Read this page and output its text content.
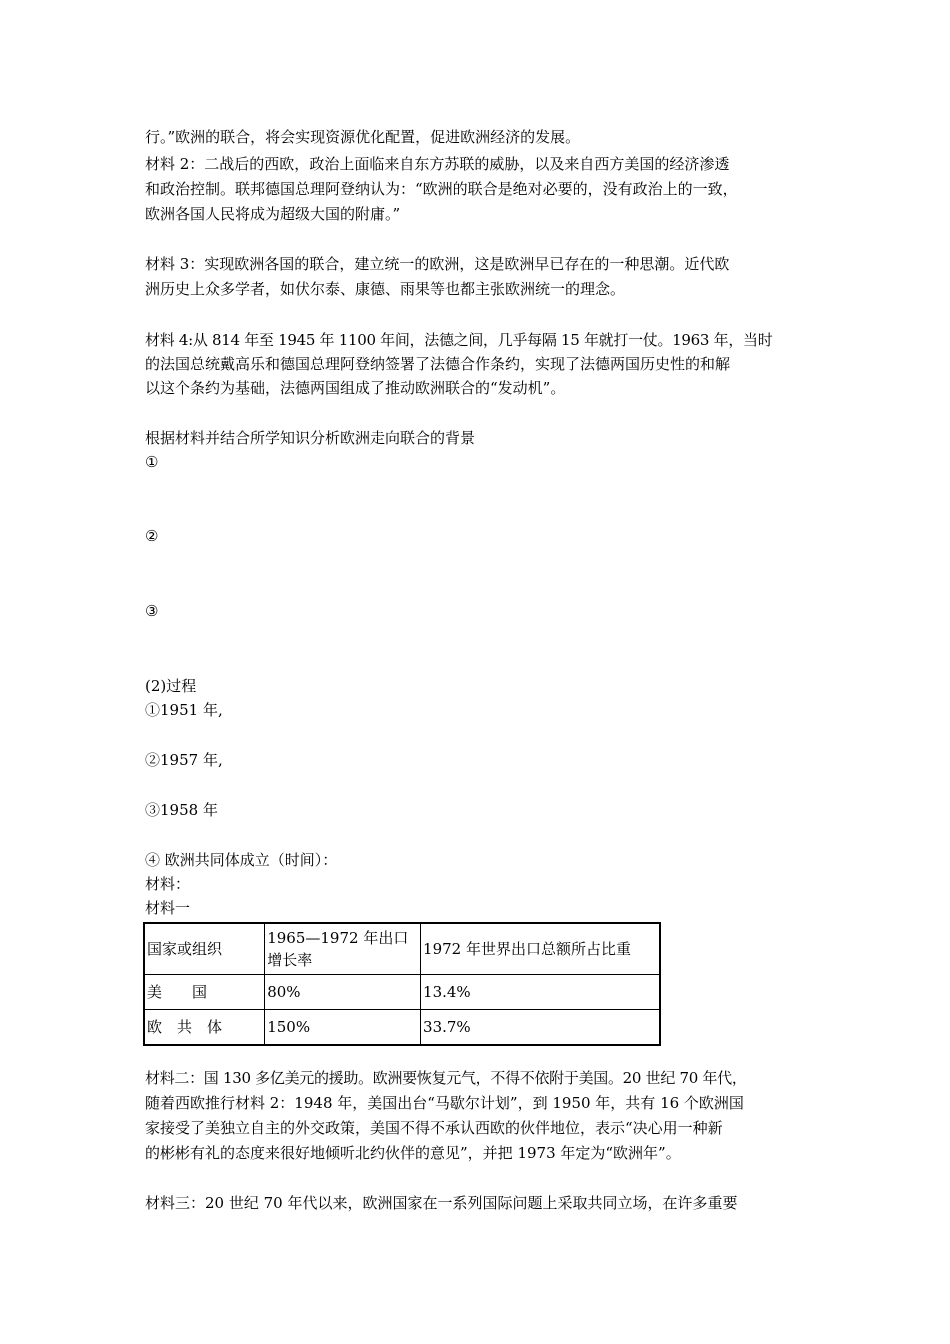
行。”欧洲的联合，将会实现资源优化配置，促进欧洲经济的发展。
材料 2：二战后的西欧，政治上面临来自东方苏联的威胁，以及来自西方美国的经济渗透
和政治控制。联邦德国总理阿登纳认为：“欧洲的联合是绝对必要的，没有政治上的一致，
欧洲各国人民将成为超级大国的附庸。”
材料 3：实现欧洲各国的联合，建立统一的欧洲，这是欧洲早已存在的一种思潮。近代欧
洲历史上众多学者，如伏尔泰、康德、雨果等也都主张欧洲统一的理念。
材料 4:从 814 年至 1945 年 1100 年间，法德之间，几乎每隔 15 年就打一仗。1963 年，当时
的法国总统戴高乐和德国总理阿登纳签署了法德合作条约，实现了法德两国历史性的和解
以这个条约为基础，法德两国组成了推动欧洲联合的“发动机”。
根据材料并结合所学知识分析欧洲走向联合的背景
①
②
③
(2)过程
①1951 年,
②1957 年,
③1958 年
④ 欧洲共同体成立（时间）：
材料：
材料一
国家或组织	1965—1972 年出口增长率	1972 年世界出口总额所占比重
美　　国	80%	13.4%
欧　共　体	150%	33.7%
材料二：国 130 多亿美元的援助。欧洲要恢复元气，不得不依附于美国。20 世纪 70 年代，
随着西欧推行材料 2：1948 年，美国出台“马歇尔计划”，到 1950 年，共有 16 个欧洲国
家接受了美独立自主的外交政策，美国不得不承认西欧的伙伴地位，表示“决心用一种新
的彬彬有礼的态度来很好地倾听北约伙伴的意见”，并把 1973 年定为“欧洲年”。
材料三：20 世纪 70 年代以来，欧洲国家在一系列国际问题上采取共同立场，在许多重要
